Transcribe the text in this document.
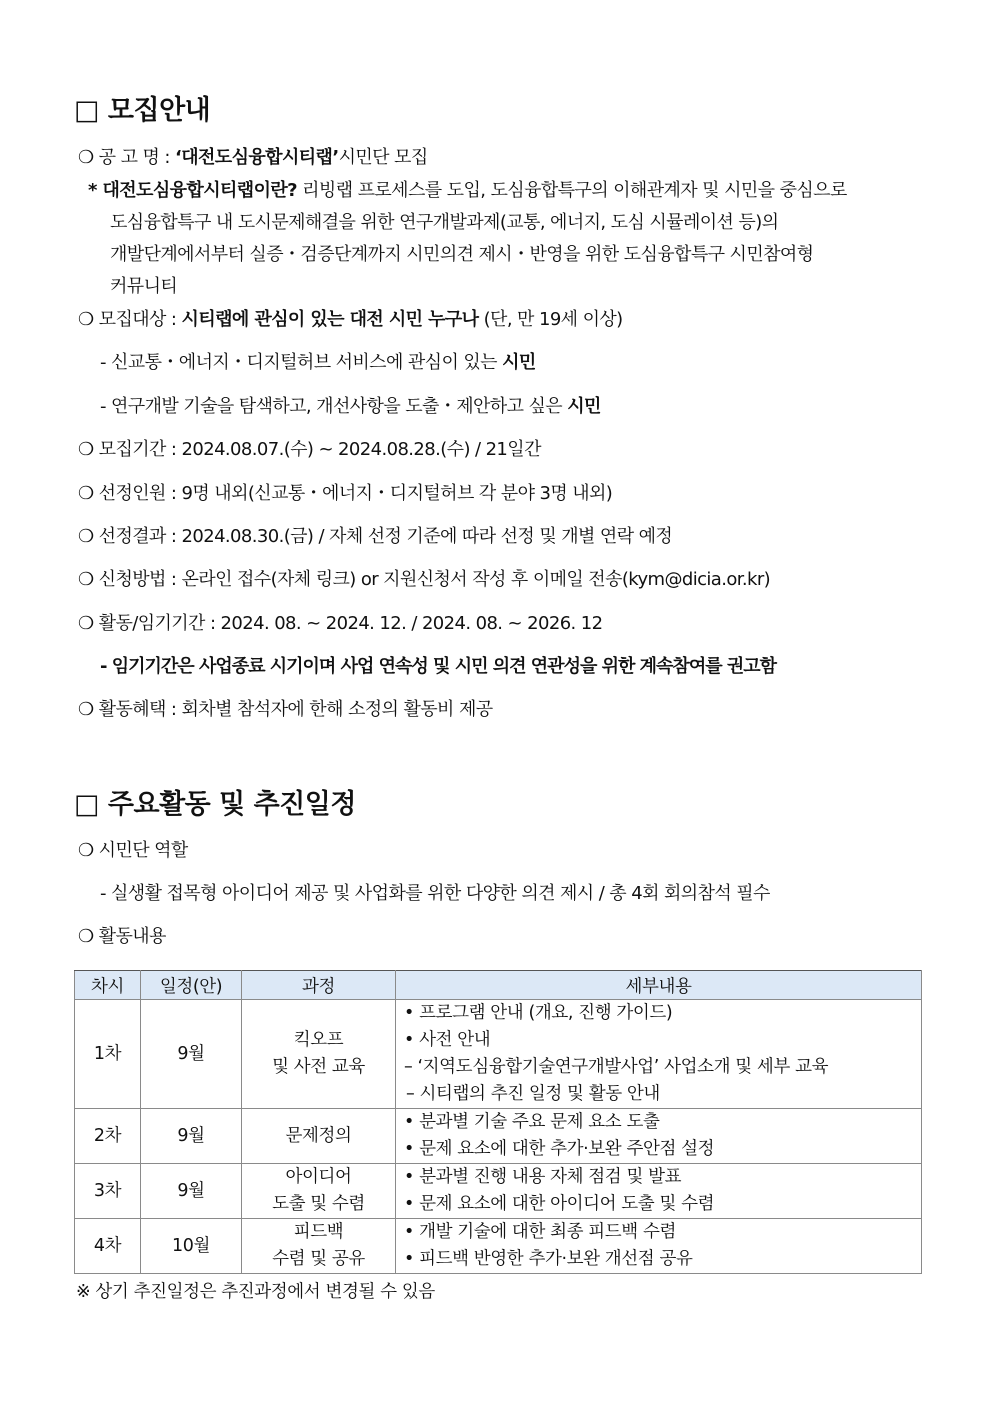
□ 모집안내
❍ 공 고 명 : ‘대전도심융합시티랩’시민단 모집
* 대전도심융합시티랩이란? 리빙랩 프로세스를 도입, 도심융합특구의 이해관계자 및 시민을 중심으로
도심융합특구 내 도시문제해결을 위한 연구개발과제(교통, 에너지, 도심 시뮬레이션 등)의
개발단계에서부터 실증・검증단계까지 시민의견 제시・반영을 위한 도심융합특구 시민참여형
커뮤니티
❍ 모집대상 : 시티랩에 관심이 있는 대전 시민 누구나 (단, 만 19세 이상)
- 신교통・에너지・디지털허브 서비스에 관심이 있는 시민
- 연구개발 기술을 탐색하고, 개선사항을 도출・제안하고 싶은 시민
❍ 모집기간 : 2024.08.07.(수) ~ 2024.08.28.(수) / 21일간
❍ 선정인원 : 9명 내외(신교통・에너지・디지털허브 각 분야 3명 내외)
❍ 선정결과 : 2024.08.30.(금) / 자체 선정 기준에 따라 선정 및 개별 연락 예정
❍ 신청방법 : 온라인 접수(자체 링크) or 지원신청서 작성 후 이메일 전송(kym@dicia.or.kr)
❍ 활동/임기기간 : 2024. 08. ~ 2024. 12. / 2024. 08. ~ 2026. 12
- 임기기간은 사업종료 시기이며 사업 연속성 및 시민 의견 연관성을 위한 계속참여를 권고함
❍ 활동혜택 : 회차별 참석자에 한해 소정의 활동비 제공
□ 주요활동 및 추진일정
❍ 시민단 역할
- 실생활 접목형 아이디어 제공 및 사업화를 위한 다양한 의견 제시 / 총 4회 회의참석 필수
❍ 활동내용
차시	일정(안)	과정	세부내용
1차	9월	킥오프
및 사전 교육	• 프로그램 안내 (개요, 진행 가이드)
• 사전 안내
– ‘지역도심융합기술연구개발사업’ 사업소개 및 세부 교육
– 시티랩의 추진 일정 및 활동 안내

2차	9월	문제정의	• 분과별 기술 주요 문제 요소 도출
• 문제 요소에 대한 추가·보완 주안점 설정

3차	9월	아이디어
도출 및 수렴	• 분과별 진행 내용 자체 점검 및 발표
• 문제 요소에 대한 아이디어 도출 및 수렴

4차	10월	피드백
수렴 및 공유	• 개발 기술에 대한 최종 피드백 수렴
• 피드백 반영한 추가·보완 개선점 공유
※ 상기 추진일정은 추진과정에서 변경될 수 있음
